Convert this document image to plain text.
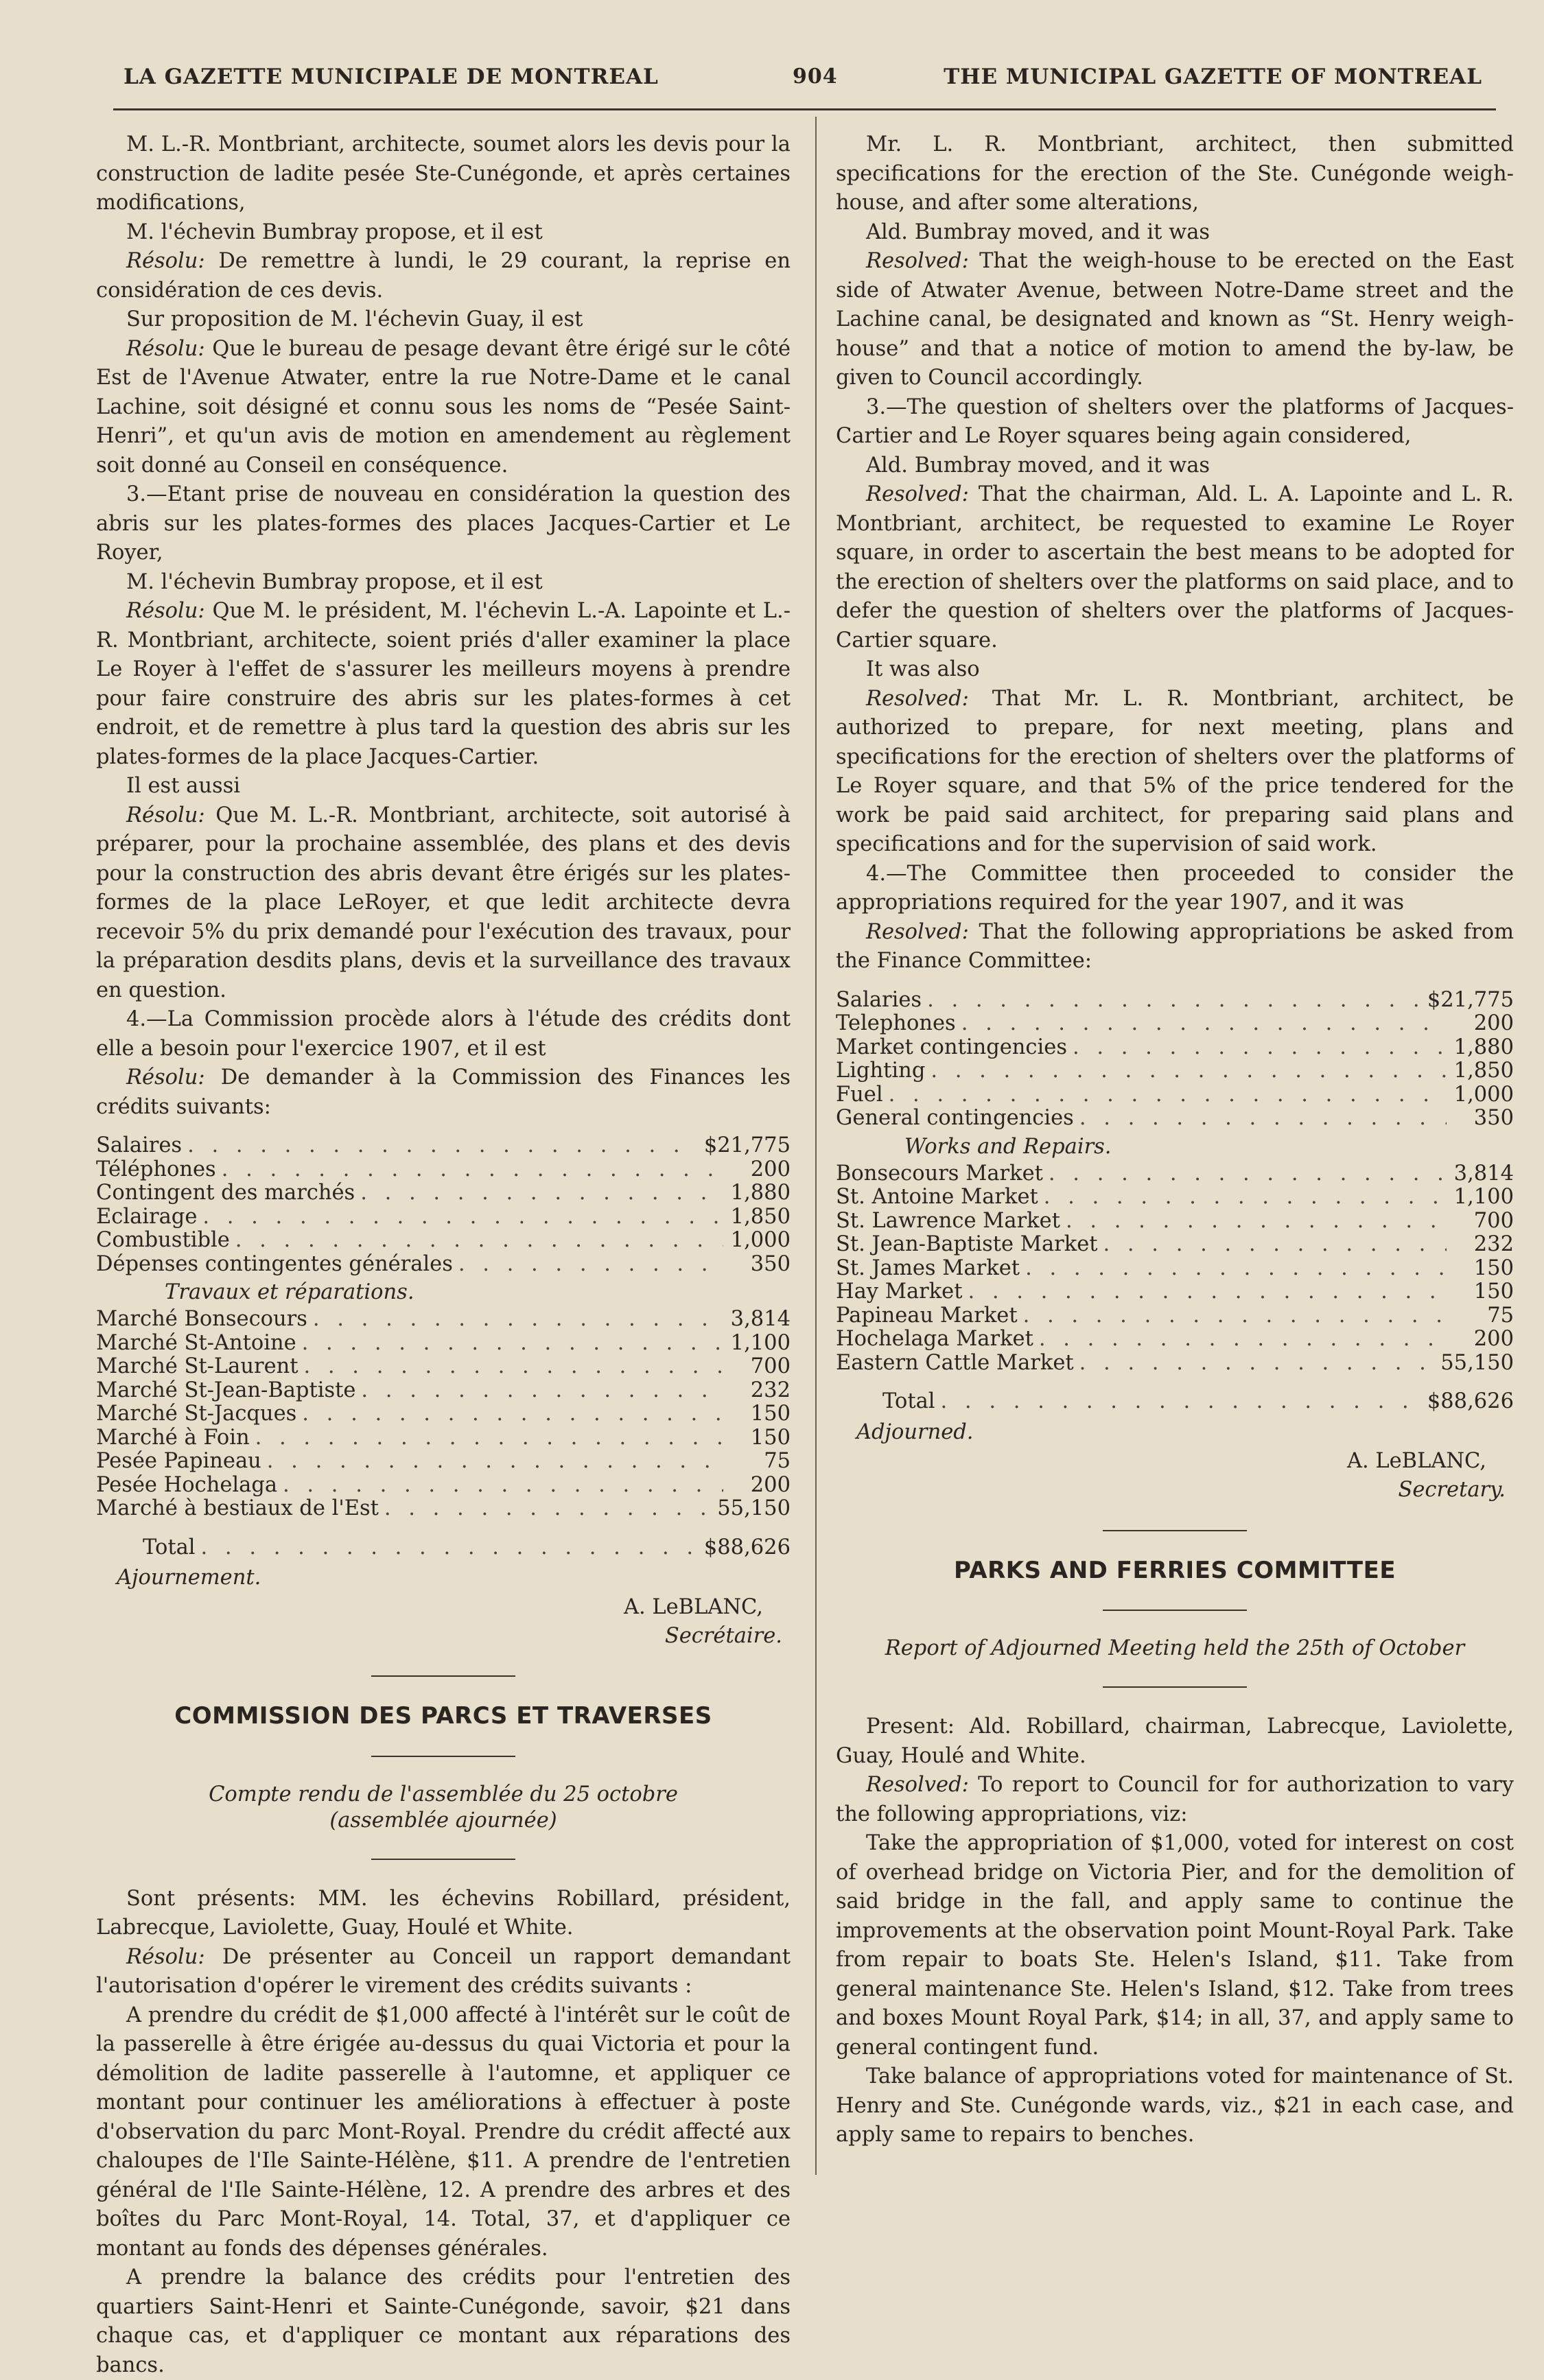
LA GAZETTE MUNICIPALE DE MONTREAL	904	THE MUNICIPAL GAZETTE OF MONTREAL

M. L.-R. Montbriant, architecte, soumet alors les devis pour la construction de ladite pesée Ste-Cunégonde, et après certaines modifications,

M. l'échevin Bumbray propose, et il est

Résolu: De remettre à lundi, le 29 courant, la reprise en considération de ces devis.

Sur proposition de M. l'échevin Guay, il est

Résolu: Que le bureau de pesage devant être érigé sur le côté Est de l'Avenue Atwater, entre la rue Notre-Dame et le canal Lachine, soit désigné et connu sous les noms de “Pesée Saint-Henri”, et qu'un avis de motion en amendement au règlement soit donné au Conseil en conséquence.

3.—Etant prise de nouveau en considération la question des abris sur les plates-formes des places Jacques-Cartier et Le Royer,

M. l'échevin Bumbray propose, et il est

Résolu: Que M. le président, M. l'échevin L.-A. Lapointe et L.-R. Montbriant, architecte, soient priés d'aller examiner la place Le Royer à l'effet de s'assurer les meilleurs moyens à prendre pour faire construire des abris sur les plates-formes à cet endroit, et de remettre à plus tard la question des abris sur les plates-formes de la place Jacques-Cartier.

Il est aussi

Résolu: Que M. L.-R. Montbriant, architecte, soit autorisé à préparer, pour la prochaine assemblée, des plans et des devis pour la construction des abris devant être érigés sur les plates-formes de la place LeRoyer, et que ledit architecte devra recevoir 5% du prix demandé pour l'exécution des travaux, pour la préparation desdits plans, devis et la surveillance des travaux en question.

4.—La Commission procède alors à l'étude des crédits dont elle a besoin pour l'exercice 1907, et il est

Résolu: De demander à la Commission des Finances les crédits suivants:

Salaires . . .	$21,775
Téléphones . . .	200
Contingent des marchés . . .	1,880
Eclairage . . .	1,850
Combustible . . .	1,000
Dépenses contingentes générales . . .	350
Travaux et réparations.
Marché Bonsecours . . .	3,814
Marché St-Antoine . . .	1,100
Marché St-Laurent . . .	700
Marché St-Jean-Baptiste . . .	232
Marché St-Jacques . . .	150
Marché à Foin . . .	150
Pesée Papineau . . .	75
Pesée Hochelaga . . .	200
Marché à bestiaux de l'Est . . .	55,150
Total . . .	$88,626

Ajournement.

A. LeBLANC,
Secrétaire.
COMMISSION DES PARCS ET TRAVERSES
Compte rendu de l'assemblée du 25 octobre
(assemblée ajournée)

Sont présents: MM. les échevins Robillard, président, Labrecque, Laviolette, Guay, Houlé et White.

Résolu: De présenter au Conceil un rapport demandant l'autorisation d'opérer le virement des crédits suivants :

A prendre du crédit de $1,000 affecté à l'intérêt sur le coût de la passerelle à être érigée au-dessus du quai Victoria et pour la démolition de ladite passerelle à l'automne, et appliquer ce montant pour continuer les améliorations à effectuer à poste d'observation du parc Mont-Royal. Prendre du crédit affecté aux chaloupes de l'Ile Sainte-Hélène, $11. A prendre de l'entretien général de l'Ile Sainte-Hélène, 12. A prendre des arbres et des boîtes du Parc Mont-Royal, 14. Total, 37, et d'appliquer ce montant au fonds des dépenses générales.

A prendre la balance des crédits pour l'entretien des quartiers Saint-Henri et Sainte-Cunégonde, savoir, $21 dans chaque cas, et d'appliquer ce montant aux réparations des bancs.

Mr. L. R. Montbriant, architect, then submitted specifications for the erection of the Ste. Cunégonde weigh-house, and after some alterations,

Ald. Bumbray moved, and it was

Resolved: That the weigh-house to be erected on the East side of Atwater Avenue, between Notre-Dame street and the Lachine canal, be designated and known as “St. Henry weigh-house” and that a notice of motion to amend the by-law, be given to Council accordingly.

3.—The question of shelters over the platforms of Jacques-Cartier and Le Royer squares being again considered,

Ald. Bumbray moved, and it was

Resolved: That the chairman, Ald. L. A. Lapointe and L. R. Montbriant, architect, be requested to examine Le Royer square, in order to ascertain the best means to be adopted for the erection of shelters over the platforms on said place, and to defer the question of shelters over the platforms of Jacques-Cartier square.

It was also

Resolved: That Mr. L. R. Montbriant, architect, be authorized to prepare, for next meeting, plans and specifications for the erection of shelters over the platforms of Le Royer square, and that 5% of the price tendered for the work be paid said architect, for preparing said plans and specifications and for the supervision of said work.

4.—The Committee then proceeded to consider the appropriations required for the year 1907, and it was

Resolved: That the following appropriations be asked from the Finance Committee:

Salaries . . .	$21,775
Telephones . . .	200
Market contingencies . . .	1,880
Lighting . . .	1,850
Fuel . . .	1,000
General contingencies . . .	350
Works and Repairs.
Bonsecours Market . . .	3,814
St. Antoine Market . . .	1,100
St. Lawrence Market . . .	700
St. Jean-Baptiste Market . . .	232
St. James Market . . .	150
Hay Market . . .	150
Papineau Market . . .	75
Hochelaga Market . . .	200
Eastern Cattle Market . . .	55,150
Total . . .	$88,626

Adjourned.

A. LeBLANC,
Secretary.
PARKS AND FERRIES COMMITTEE
Report of Adjourned Meeting held the 25th of October

Present: Ald. Robillard, chairman, Labrecque, Laviolette, Guay, Houlé and White.

Resolved: To report to Council for for authorization to vary the following appropriations, viz:

Take the appropriation of $1,000, voted for interest on cost of overhead bridge on Victoria Pier, and for the demolition of said bridge in the fall, and apply same to continue the improvements at the observation point Mount-Royal Park. Take from repair to boats Ste. Helen's Island, $11. Take from general maintenance Ste. Helen's Island, $12. Take from trees and boxes Mount Royal Park, $14; in all, 37, and apply same to general contingent fund.

Take balance of appropriations voted for maintenance of St. Henry and Ste. Cunégonde wards, viz., $21 in each case, and apply same to repairs to benches.
